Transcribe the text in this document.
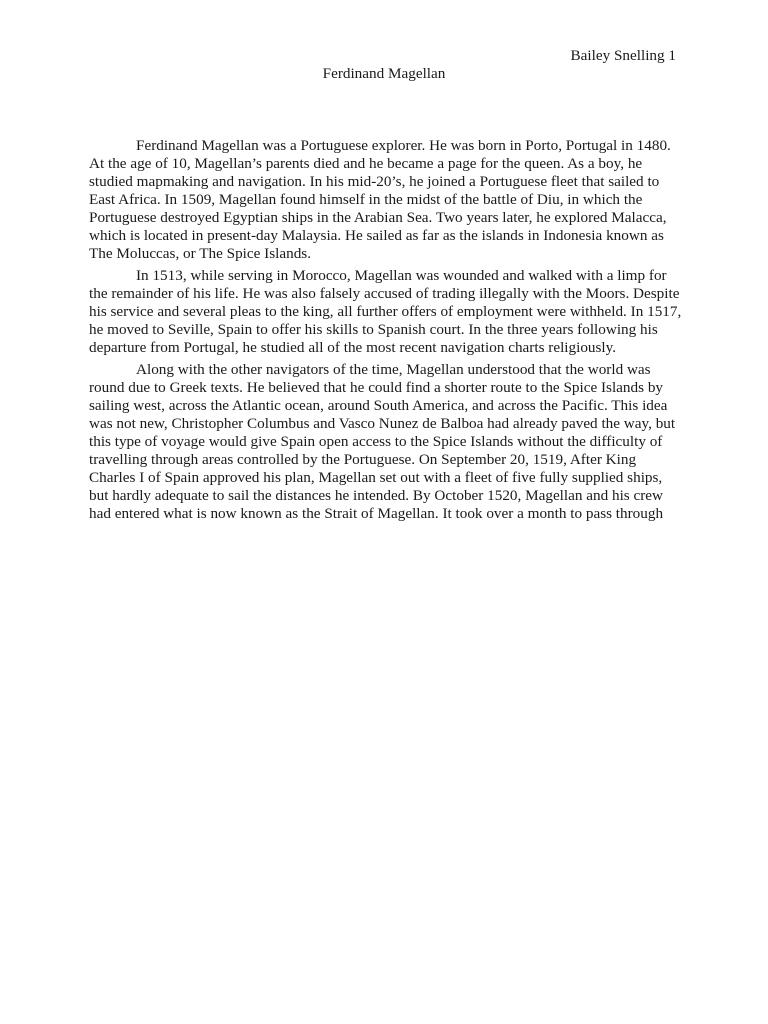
Bailey Snelling 1
Ferdinand Magellan
Ferdinand Magellan was a Portuguese explorer. He was born in Porto, Portugal in 1480.
At the age of 10, Magellan’s parents died and he became a page for the queen. As a boy, he
studied mapmaking and navigation. In his mid-20’s, he joined a Portuguese fleet that sailed to
East Africa. In 1509, Magellan found himself in the midst of the battle of Diu, in which the
Portuguese destroyed Egyptian ships in the Arabian Sea. Two years later, he explored Malacca,
which is located in present-day Malaysia. He sailed as far as the islands in Indonesia known as
The Moluccas, or The Spice Islands.
In 1513, while serving in Morocco, Magellan was wounded and walked with a limp for
the remainder of his life. He was also falsely accused of trading illegally with the Moors. Despite
his service and several pleas to the king, all further offers of employment were withheld. In 1517,
he moved to Seville, Spain to offer his skills to Spanish court. In the three years following his
departure from Portugal, he studied all of the most recent navigation charts religiously.
Along with the other navigators of the time, Magellan understood that the world was
round due to Greek texts. He believed that he could find a shorter route to the Spice Islands by
sailing west, across the Atlantic ocean, around South America, and across the Pacific. This idea
was not new, Christopher Columbus and Vasco Nunez de Balboa had already paved the way, but
this type of voyage would give Spain open access to the Spice Islands without the difficulty of
travelling through areas controlled by the Portuguese. On September 20, 1519, After King
Charles I of Spain approved his plan, Magellan set out with a fleet of five fully supplied ships,
but hardly adequate to sail the distances he intended. By October 1520, Magellan and his crew
had entered what is now known as the Strait of Magellan. It took over a month to pass through
